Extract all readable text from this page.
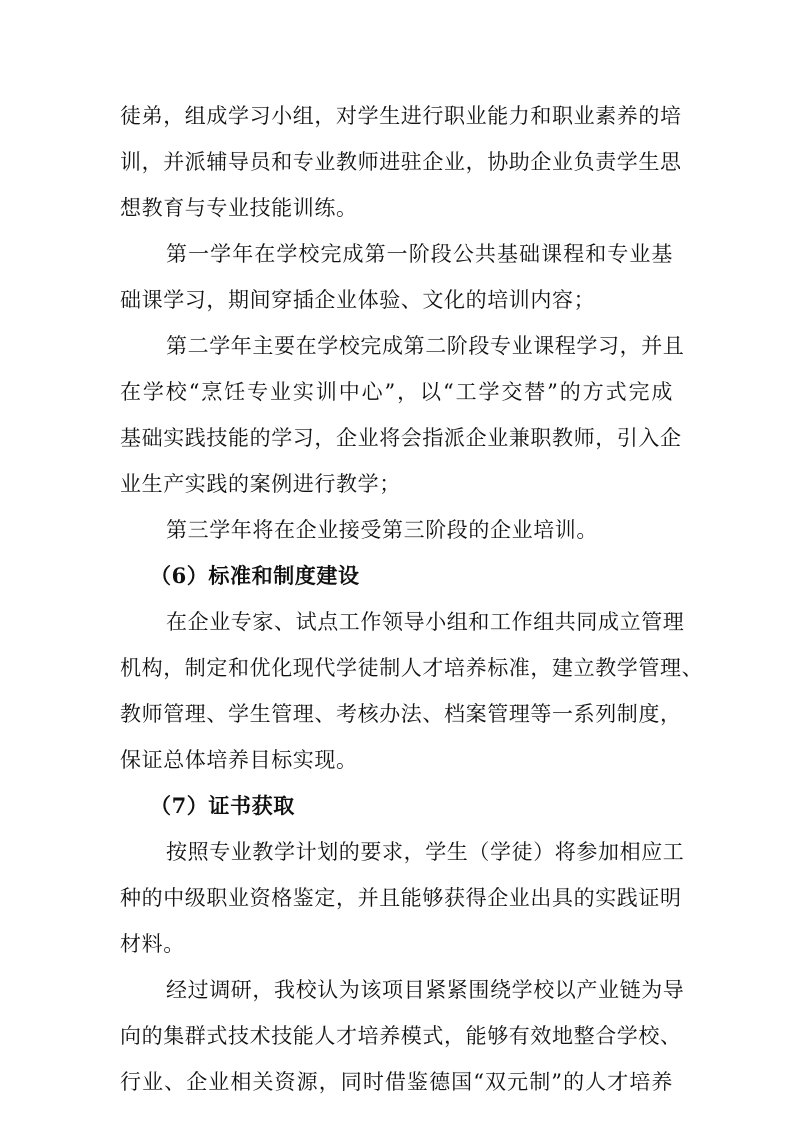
徒弟，组成学习小组，对学生进行职业能力和职业素养的培
训，并派辅导员和专业教师进驻企业，协助企业负责学生思
想教育与专业技能训练。
第一学年在学校完成第一阶段公共基础课程和专业基
础课学习，期间穿插企业体验、文化的培训内容；
第二学年主要在学校完成第二阶段专业课程学习，并且
在学校“烹饪专业实训中心”，以“工学交替”的方式完成
基础实践技能的学习，企业将会指派企业兼职教师，引入企
业生产实践的案例进行教学；
第三学年将在企业接受第三阶段的企业培训。
（6）标准和制度建设
在企业专家、试点工作领导小组和工作组共同成立管理
机构，制定和优化现代学徒制人才培养标准，建立教学管理、
教师管理、学生管理、考核办法、档案管理等一系列制度，
保证总体培养目标实现。
（7）证书获取
按照专业教学计划的要求，学生（学徒）将参加相应工
种的中级职业资格鉴定，并且能够获得企业出具的实践证明
材料。
经过调研，我校认为该项目紧紧围绕学校以产业链为导
向的集群式技术技能人才培养模式，能够有效地整合学校、
行业、企业相关资源，同时借鉴德国“双元制”的人才培养
